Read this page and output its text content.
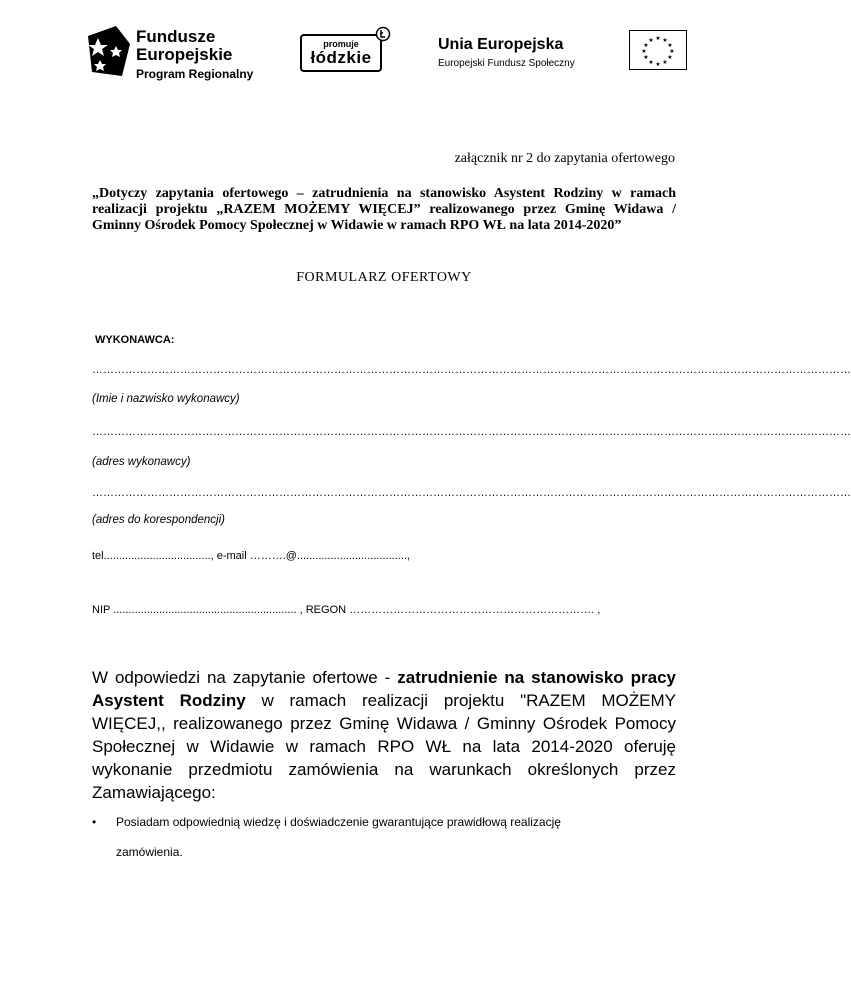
Fundusze
Europejskie
Program Regionalny
promuje
łódzkie
Unia Europejska
Europejski Fundusz Społeczny
★ ★
★
★
★
★
★
★
★
★
★
★
załącznik nr 2 do zapytania ofertowego

„Dotyczy zapytania ofertowego – zatrudnienia na stanowisko Asystent Rodziny w ramach realizacji projektu „RAZEM MOŻEMY WIĘCEJ” realizowanego przez Gminę Widawa / Gminny Ośrodek Pomocy Społecznej w Widawie w ramach RPO WŁ na lata 2014-2020”

FORMULARZ OFERTOWY
WYKONAWCA:
………………………………………………………………………………………………………………………………………………………………………………………
(Imie i nazwisko wykonawcy)
………………………………………………………………………………………………………………………………………………………………………………………
(adres wykonawcy)
………………………………………………………………………………………………………………………………………………………………………………………
(adres do korespondencji)
tel..................................., e-mail ……….@....................................,
NIP ............................................................ , REGON …………………………………………………………. ,

W odpowiedzi na zapytanie ofertowe - zatrudnienie na stanowisko pracy Asystent Rodziny w ramach realizacji projektu "RAZEM MOŻEMY WIĘCEJ,, realizowanego przez Gminę Widawa / Gminny Ośrodek Pomocy Społecznej w Widawie w ramach RPO WŁ na lata 2014-2020 oferuję wykonanie przedmiotu zamówienia na warunkach określonych przez Zamawiającego:

• Posiadam odpowiednią wiedzę i doświadczenie gwarantujące prawidłową realizację
zamówienia.
